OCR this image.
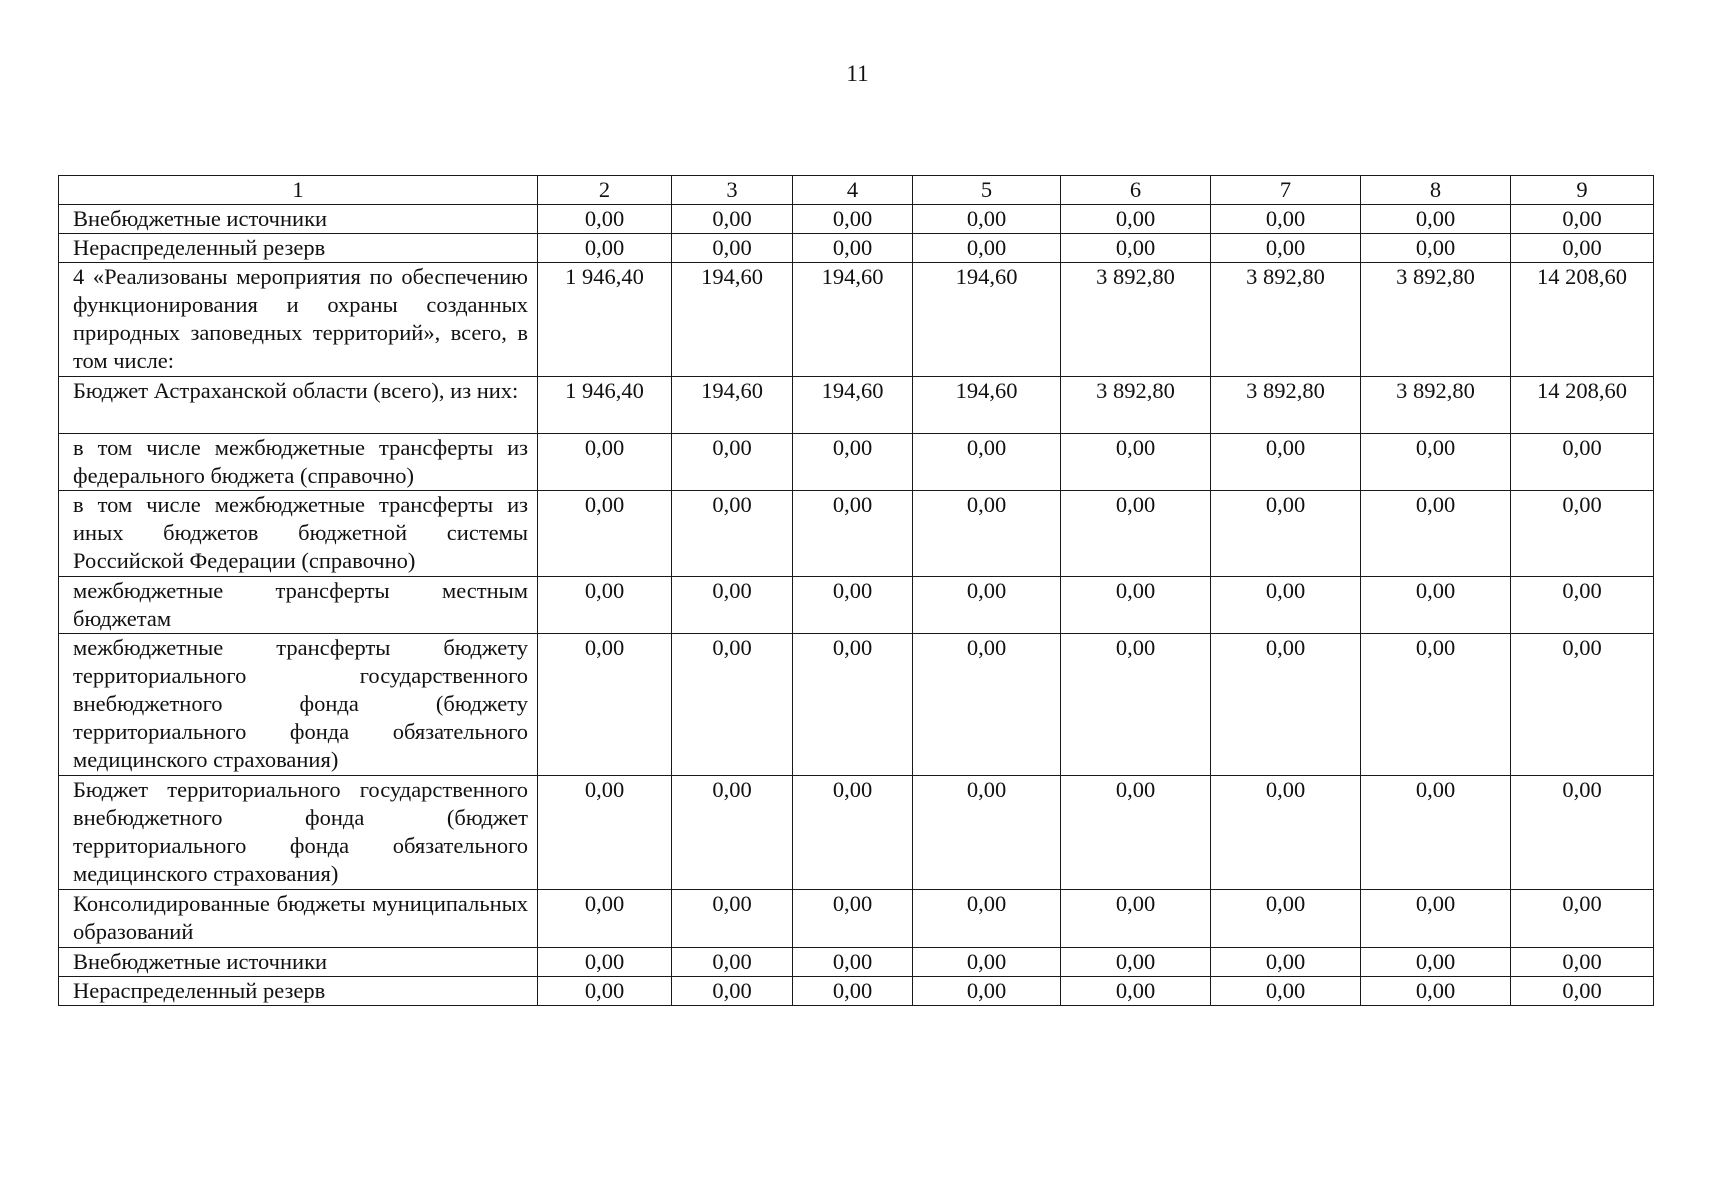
11
1	2	3	4	5	6	7	8	9
Внебюджетные источники	0,00	0,00	0,00	0,00	0,00	0,00	0,00	0,00
Нераспределенный резерв	0,00	0,00	0,00	0,00	0,00	0,00	0,00	0,00
4 «Реализованы мероприятия по обеспечению функционирования и охраны созданных природных заповедных территорий», всего, в том числе:	1 946,40	194,60	194,60	194,60	3 892,80	3 892,80	3 892,80	14 208,60
Бюджет Астраханской области (всего), из них:	1 946,40	194,60	194,60	194,60	3 892,80	3 892,80	3 892,80	14 208,60
в том числе межбюджетные трансферты из федерального бюджета (справочно)	0,00	0,00	0,00	0,00	0,00	0,00	0,00	0,00
в том числе межбюджетные трансферты из иных бюджетов бюджетной системы Российской Федерации (справочно)	0,00	0,00	0,00	0,00	0,00	0,00	0,00	0,00
межбюджетные трансферты местным бюджетам	0,00	0,00	0,00	0,00	0,00	0,00	0,00	0,00
межбюджетные трансферты бюджету территориального государственного внебюджетного фонда (бюджету территориального фонда обязательного медицинского страхования)	0,00	0,00	0,00	0,00	0,00	0,00	0,00	0,00
Бюджет территориального государственного внебюджетного фонда (бюджет территориального фонда обязательного медицинского страхования)	0,00	0,00	0,00	0,00	0,00	0,00	0,00	0,00
Консолидированные бюджеты муниципальных образований	0,00	0,00	0,00	0,00	0,00	0,00	0,00	0,00
Внебюджетные источники	0,00	0,00	0,00	0,00	0,00	0,00	0,00	0,00
Нераспределенный резерв	0,00	0,00	0,00	0,00	0,00	0,00	0,00	0,00
